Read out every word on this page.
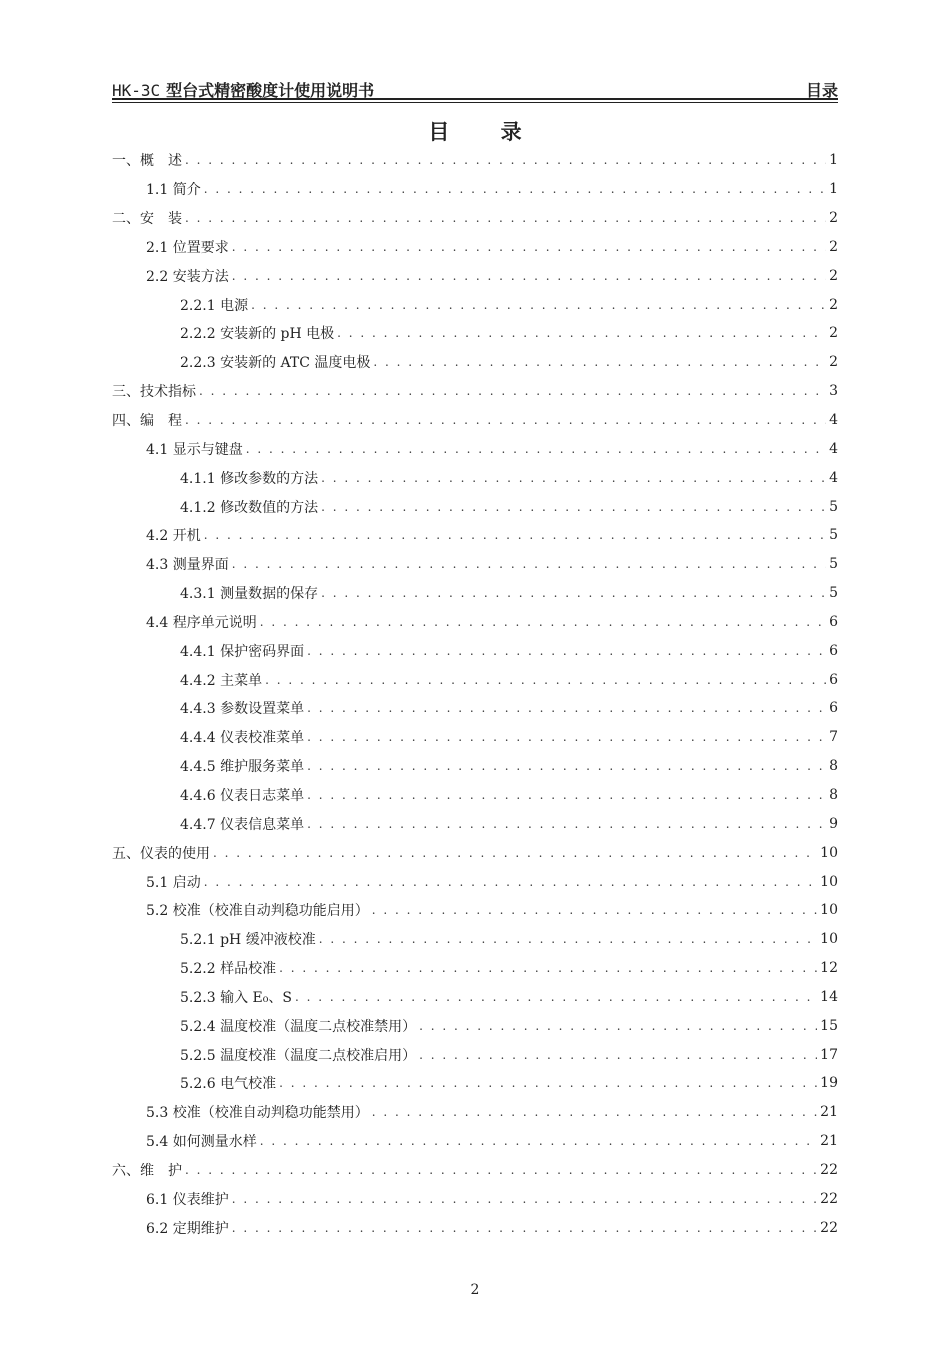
HK-3C 型台式精密酸度计使用说明书	目录
目 录
一、概　述 . . .	1
1.1 简介 . . .	1
二、安　装 . . .	2
2.1 位置要求 . . .	2
2.2 安装方法 . . .	2
2.2.1 电源 . . .	2
2.2.2 安装新的 pH 电极 . . .	2
2.2.3 安装新的 ATC 温度电极 . . .	2
三、技术指标 . . .	3
四、编　程 . . .	4
4.1 显示与键盘 . . .	4
4.1.1 修改参数的方法 . . .	4
4.1.2 修改数值的方法 . . .	5
4.2 开机 . . .	5
4.3 测量界面 . . .	5
4.3.1 测量数据的保存 . . .	5
4.4 程序单元说明 . . .	6
4.4.1 保护密码界面 . . .	6
4.4.2 主菜单 . . .	6
4.4.3 参数设置菜单 . . .	6
4.4.4 仪表校准菜单 . . .	7
4.4.5 维护服务菜单 . . .	8
4.4.6 仪表日志菜单 . . .	8
4.4.7 仪表信息菜单 . . .	9
五、仪表的使用 . . .	10
5.1 启动 . . .	10
5.2 校准（校准自动判稳功能启用） . . .	10
5.2.1 pH 缓冲液校准 . . .	10
5.2.2 样品校准 . . .	12
5.2.3 输入 E₀、S . . .	14
5.2.4 温度校准（温度二点校准禁用） . . .	15
5.2.5 温度校准（温度二点校准启用） . . .	17
5.2.6 电气校准 . . .	19
5.3 校准（校准自动判稳功能禁用） . . .	21
5.4 如何测量水样 . . .	21
六、维　护 . . .	22
6.1 仪表维护 . . .	22
6.2 定期维护 . . .	22
2
